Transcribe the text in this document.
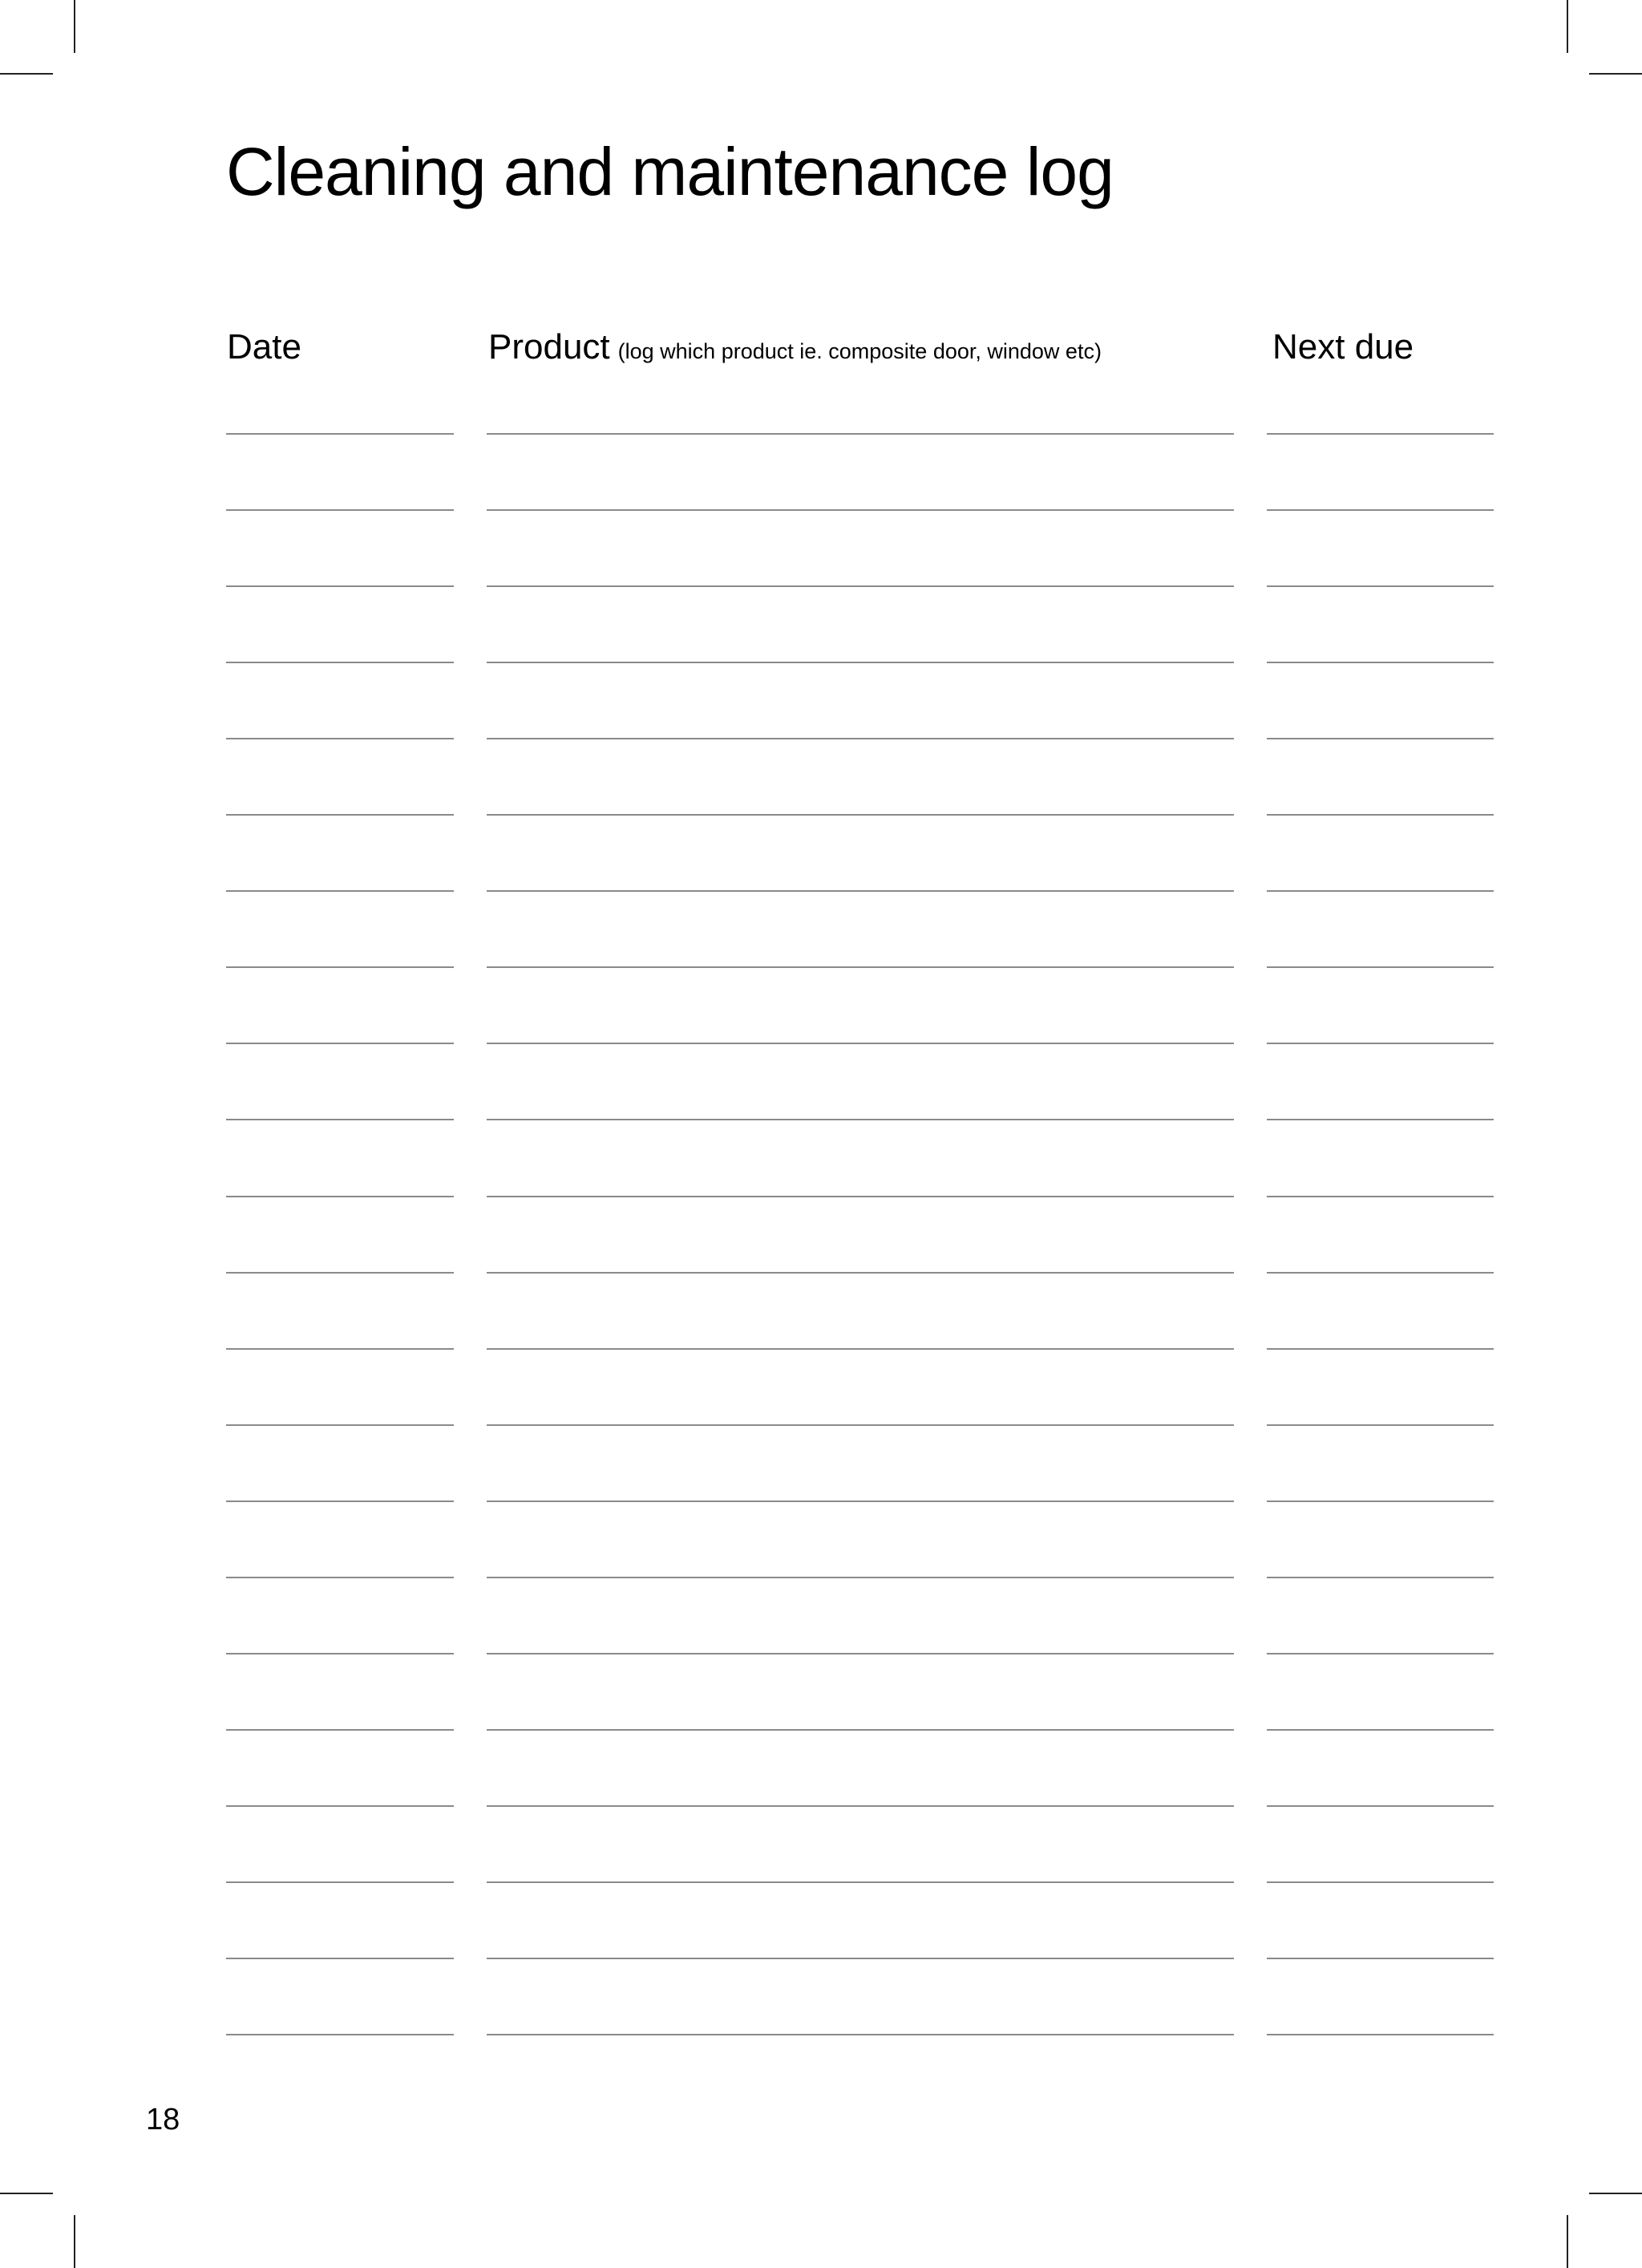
Cleaning and maintenance log
Date	Product (log which product ie. composite door, window etc)	Next due
18
